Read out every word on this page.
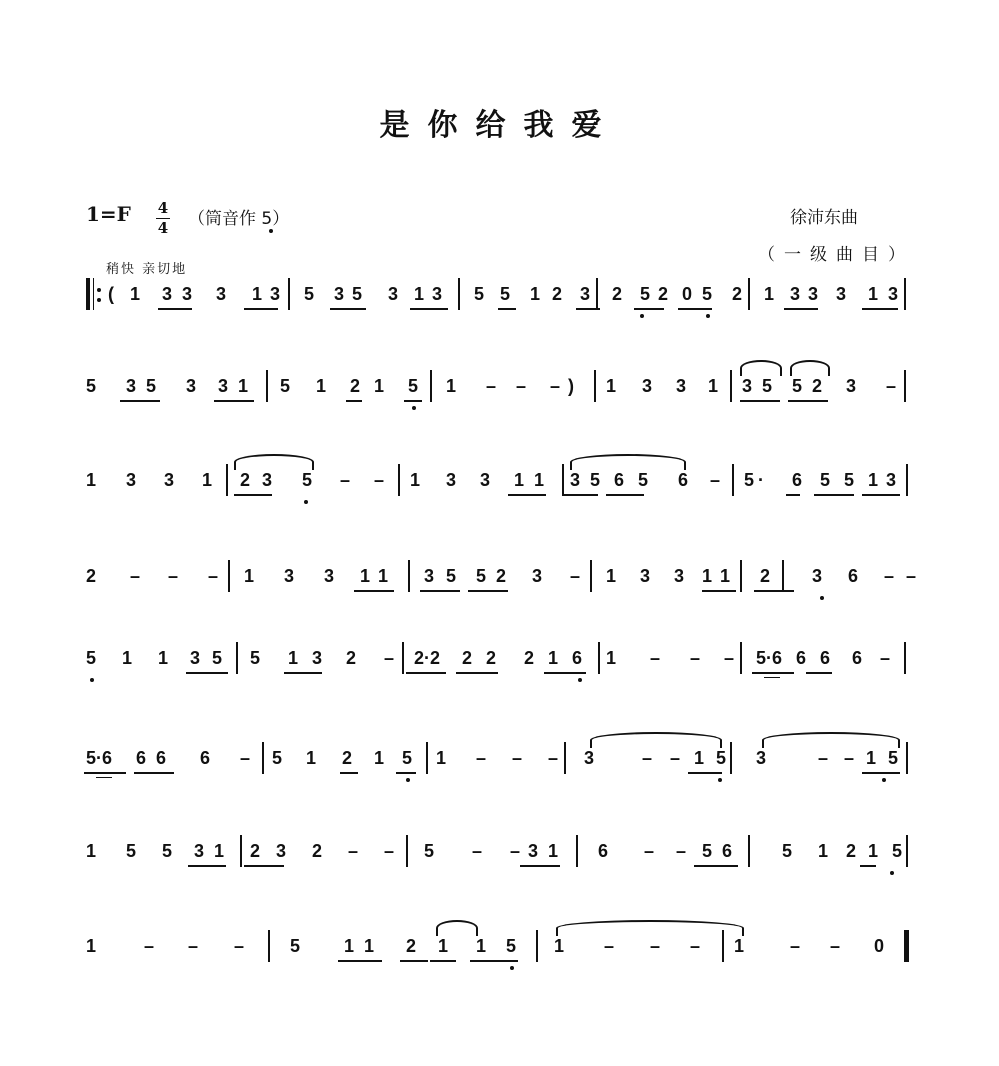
是你给我爱
1=F 4
4 （筒音作 5）	徐沛东曲
（一级曲目）
稍快 亲切地
( 1 3 3 3 1 3 5 3 5 3 1 3 5 5 1 2 3 2 5 2 0 5 2 1 3 3 3 1 3
5 3 5 3 3 1 5 1 2 1 5 1 – – – ) 1 3 3 1 3 5 5 2 3 –
1 3 3 1 2 3 5 – – 1 3 3 1 1 3 5 6 5 6 – 5 · 6 5 5 1 3
2 – – – 1 3 3 1 1 3 5 5 2 3 – 1 3 3 1 1 2 3 6 – –
5 1 1 3 5 5 1 3 2 – 2·2 2 2 2 1 6 1 – – – 5·6 6 6 6 –
5·6 6 6 6 – 5 1 2 1 5 1 – – – 3	– – 1 5 3	– – 1 5
1 5 5 3 1 2 3 2 – – 5 – – 3 1 6 – – 5 6	5 1 2 1 5
1	– – –	5 1 1 2 1 1 5 1 – – – 1	– – 0
